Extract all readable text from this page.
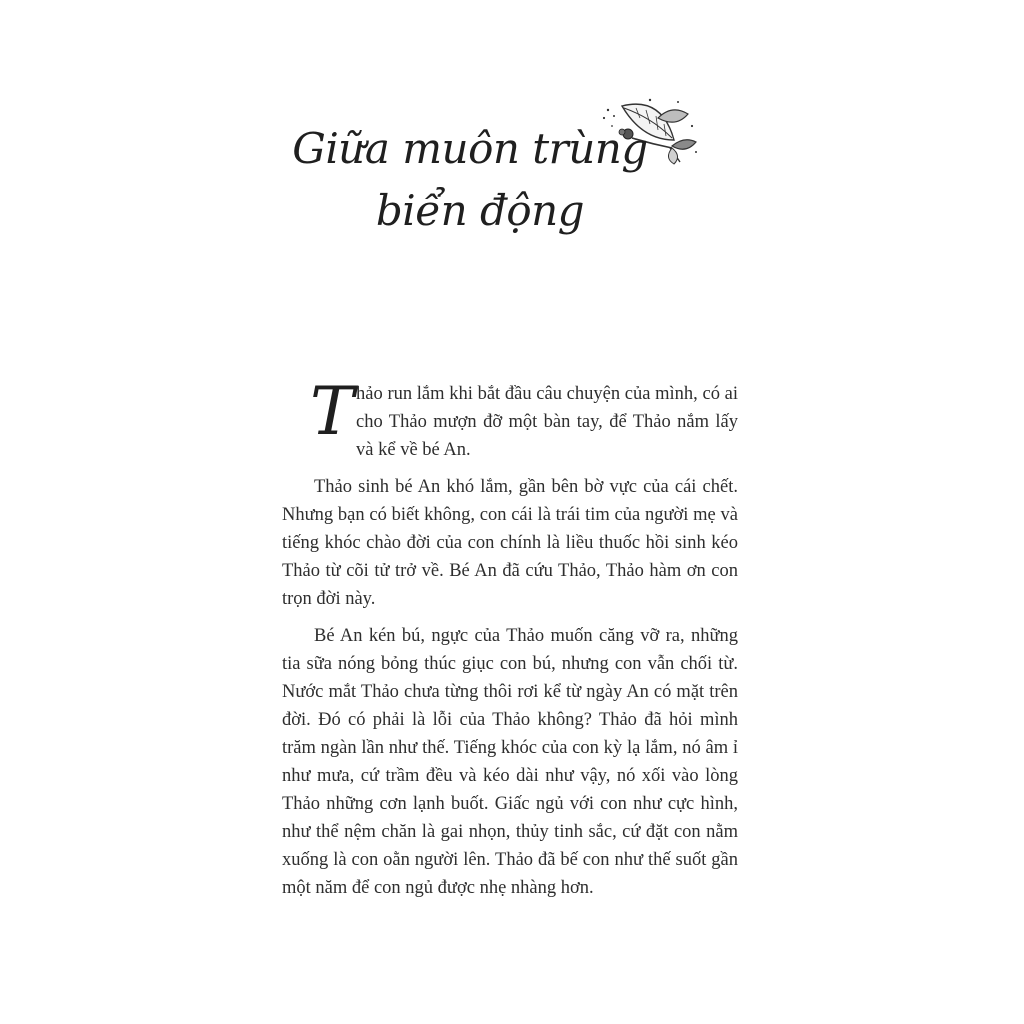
Giữa muôn trùng
biển động

Thảo run lắm khi bắt đầu câu chuyện của mình, có ai cho Thảo mượn đỡ một bàn tay, để Thảo nắm lấy và kể về bé An.

Thảo sinh bé An khó lắm, gần bên bờ vực của cái chết. Nhưng bạn có biết không, con cái là trái tim của người mẹ và tiếng khóc chào đời của con chính là liều thuốc hồi sinh kéo Thảo từ cõi tử trở về. Bé An đã cứu Thảo, Thảo hàm ơn con trọn đời này.

Bé An kén bú, ngực của Thảo muốn căng vỡ ra, những tia sữa nóng bỏng thúc giục con bú, nhưng con vẫn chối từ. Nước mắt Thảo chưa từng thôi rơi kể từ ngày An có mặt trên đời. Đó có phải là lỗi của Thảo không? Thảo đã hỏi mình trăm ngàn lần như thế. Tiếng khóc của con kỳ lạ lắm, nó âm ỉ như mưa, cứ trầm đều và kéo dài như vậy, nó xối vào lòng Thảo những cơn lạnh buốt. Giấc ngủ với con như cực hình, như thể nệm chăn là gai nhọn, thủy tinh sắc, cứ đặt con nằm xuống là con oằn người lên. Thảo đã bế con như thế suốt gần một năm để con ngủ được nhẹ nhàng hơn.
